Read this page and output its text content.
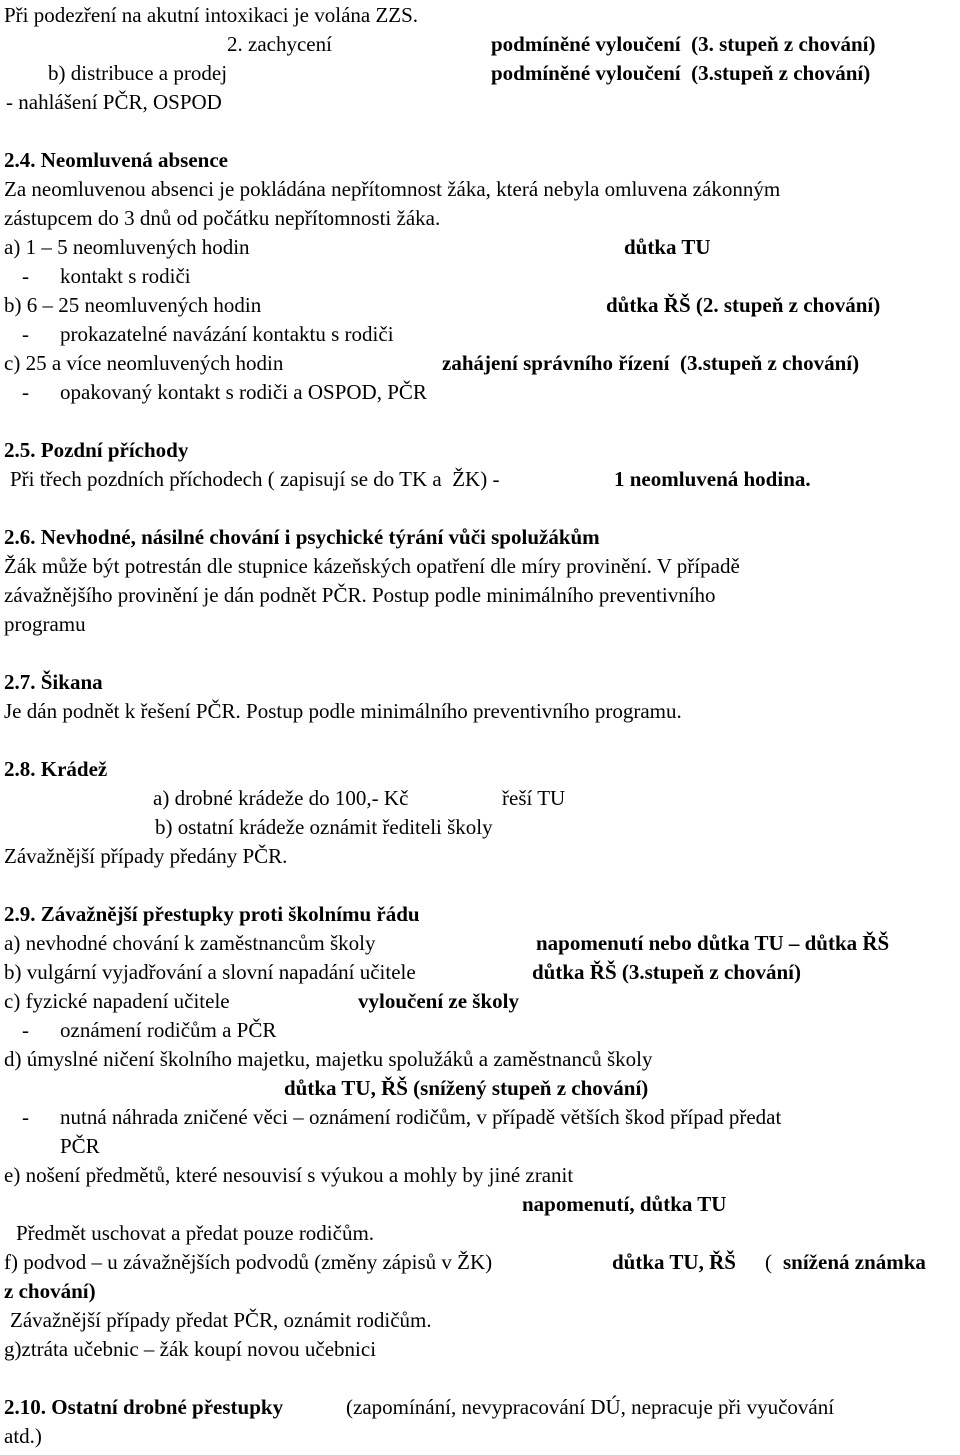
Při podezření na akutní intoxikaci je volána ZZS.
2. zachycení	podmíněné vyloučení  (3. stupeň z chování)
b) distribuce a prodej	podmíněné vyloučení  (3.stupeň z chování)
- nahlášení PČR, OSPOD
2.4. Neomluvená absence
Za neomluvenou absenci je pokládána nepřítomnost žáka, která nebyla omluvena zákonným
zástupcem do 3 dnů od počátku nepřítomnosti žáka.
a) 1 – 5 neomluvených hodin	důtka TU
- kontakt s rodiči
b) 6 – 25 neomluvených hodin	důtka ŘŠ (2. stupeň z chování)
- prokazatelné navázání kontaktu s rodiči
c) 25 a více neomluvených hodin	zahájení správního řízení  (3.stupeň z chování)
- opakovaný kontakt s rodiči a OSPOD, PČR
2.5. Pozdní příchody
Při třech pozdních příchodech ( zapisují se do TK a  ŽK) -	1 neomluvená hodina.
2.6. Nevhodné, násilné chování i psychické týrání vůči spolužákům
Žák může být potrestán dle stupnice kázeňských opatření dle míry provinění. V případě
závažnějšího provinění je dán podnět PČR. Postup podle minimálního preventivního
programu
2.7. Šikana
Je dán podnět k řešení PČR. Postup podle minimálního preventivního programu.
2.8. Krádež
a) drobné krádeže do 100,- Kč	řeší TU
b) ostatní krádeže oznámit řediteli školy
Závažnější případy předány PČR.
2.9. Závažnější přestupky proti školnímu řádu
a) nevhodné chování k zaměstnancům školy	napomenutí nebo důtka TU – důtka ŘŠ
b) vulgární vyjadřování a slovní napadání učitele	důtka ŘŠ (3.stupeň z chování)
c) fyzické napadení učitele	vyloučení ze školy
- oznámení rodičům a PČR
d) úmyslné ničení školního majetku, majetku spolužáků a zaměstnanců školy
důtka TU, ŘŠ (snížený stupeň z chování)
- nutná náhrada zničené věci – oznámení rodičům, v případě větších škod případ předat
PČR
e) nošení předmětů, které nesouvisí s výukou a mohly by jiné zranit
napomenutí, důtka TU
Předmět uschovat a předat pouze rodičům.
f) podvod – u závažnějších podvodů (změny zápisů v ŽK)	důtka TU, ŘŠ ( snížená známka
z chování)
Závažnější případy předat PČR, oznámit rodičům.
g)ztráta učebnic – žák koupí novou učebnici
2.10. Ostatní drobné přestupky	(zapomínání, nevypracování DÚ, nepracuje při vyučování
atd.)
